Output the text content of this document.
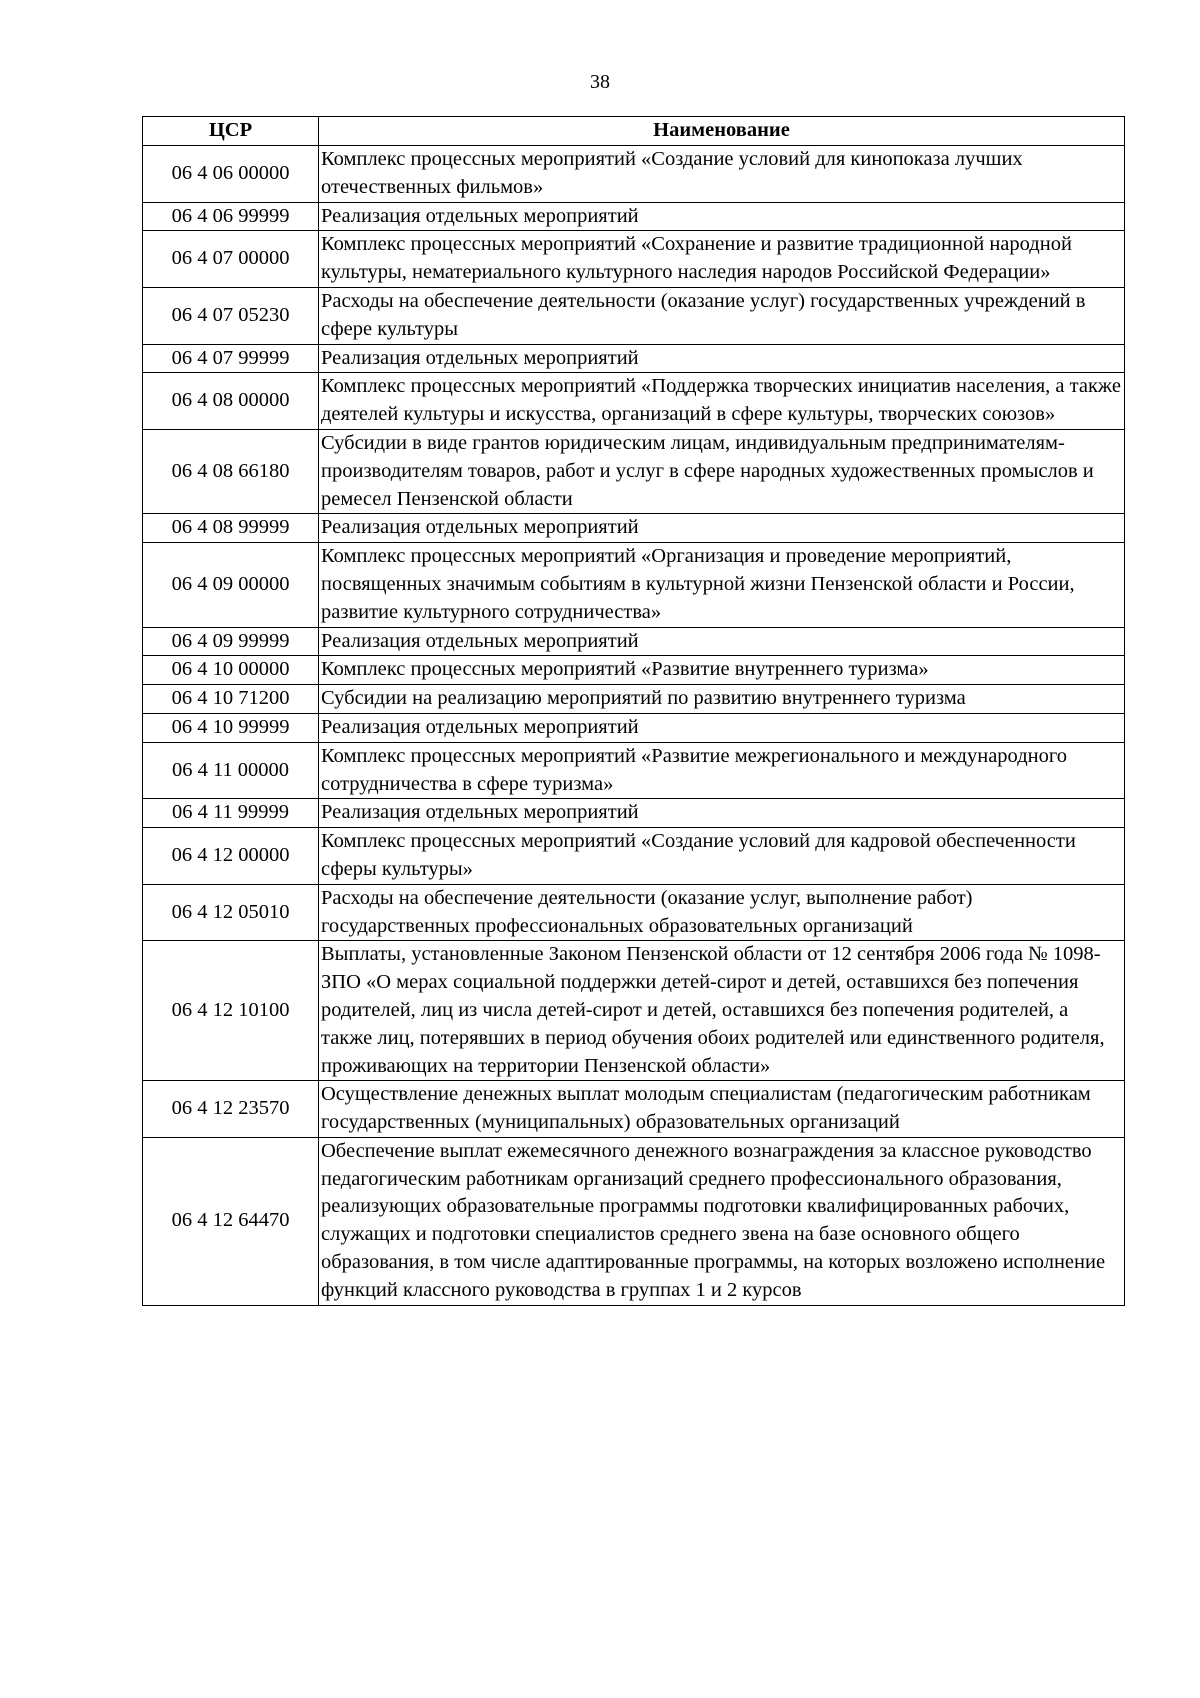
38
ЦСР	Наименование
06 4 06 00000	Комплекс процессных мероприятий «Создание условий для кинопоказа лучших отечественных фильмов»
06 4 06 99999	Реализация отдельных мероприятий
06 4 07 00000	Комплекс процессных мероприятий «Сохранение и развитие традиционной народной культуры, нематериального культурного наследия народов Российской Федерации»
06 4 07 05230	Расходы на обеспечение деятельности (оказание услуг) государственных учреждений в сфере культуры
06 4 07 99999	Реализация отдельных мероприятий
06 4 08 00000	Комплекс процессных мероприятий «Поддержка творческих инициатив населения, а также деятелей культуры и искусства, организаций в сфере культуры, творческих союзов»
06 4 08 66180	Субсидии в виде грантов юридическим лицам, индивидуальным предпринимателям-производителям товаров, работ и услуг в сфере народных художественных промыслов и ремесел Пензенской области
06 4 08 99999	Реализация отдельных мероприятий
06 4 09 00000	Комплекс процессных мероприятий «Организация и проведение мероприятий, посвященных значимым событиям в культурной жизни Пензенской области и России, развитие культурного сотрудничества»
06 4 09 99999	Реализация отдельных мероприятий
06 4 10 00000	Комплекс процессных мероприятий «Развитие внутреннего туризма»
06 4 10 71200	Субсидии на реализацию мероприятий по развитию внутреннего туризма
06 4 10 99999	Реализация отдельных мероприятий
06 4 11 00000	Комплекс процессных мероприятий «Развитие межрегионального и международного сотрудничества в сфере туризма»
06 4 11 99999	Реализация отдельных мероприятий
06 4 12 00000	Комплекс процессных мероприятий «Создание условий для кадровой обеспеченности сферы культуры»
06 4 12 05010	Расходы на обеспечение деятельности (оказание услуг, выполнение работ) государственных профессиональных образовательных организаций
06 4 12 10100	Выплаты, установленные Законом Пензенской области от 12 сентября 2006 года № 1098-ЗПО «О мерах социальной поддержки детей-сирот и детей, оставшихся без попечения родителей, лиц из числа детей-сирот и детей, оставшихся без попечения родителей, а также лиц, потерявших в период обучения обоих родителей или единственного родителя, проживающих на территории Пензенской области»
06 4 12 23570	Осуществление денежных выплат молодым специалистам (педагогическим работникам государственных (муниципальных) образовательных организаций
06 4 12 64470	Обеспечение выплат ежемесячного денежного вознаграждения за классное руководство педагогическим работникам организаций среднего профессионального образования, реализующих образовательные программы подготовки квалифицированных рабочих, служащих и подготовки специалистов среднего звена на базе основного общего образования, в том числе адаптированные программы, на которых возложено исполнение функций классного руководства в группах 1 и 2 курсов
